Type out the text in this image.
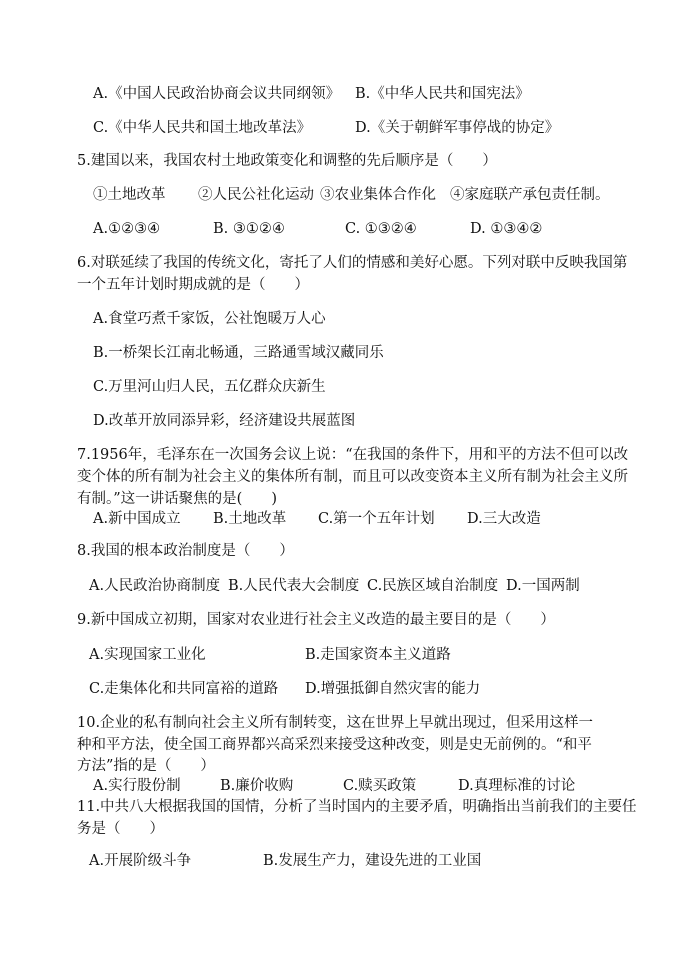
A.《中国人民政治协商会议共同纲领》 B.《中华人民共和国宪法》
C.《中华人民共和国土地改革法》	D.《关于朝鲜军事停战的协定》
5.建国以来，我国农村土地政策变化和调整的先后顺序是（　　）
①土地改革 ②人民公社化运动 ③农业集体合作化 ④家庭联产承包责任制。
A.①②③④	B. ③①②④	C. ①③②④	D. ①③④②
6.对联延续了我国的传统文化，寄托了人们的情感和美好心愿。下列对联中反映我国第
一个五年计划时期成就的是（　　）
A.食堂巧煮千家饭，公社饱暖万人心
B.一桥架长江南北畅通，三路通雪域汉藏同乐
C.万里河山归人民，五亿群众庆新生
D.改革开放同添异彩，经济建设共展蓝图
7.1956年，毛泽东在一次国务会议上说：“在我国的条件下，用和平的方法不但可以改
变个体的所有制为社会主义的集体所有制，而且可以改变资本主义所有制为社会主义所
有制。”这一讲话聚焦的是(　　)
A.新中国成立 B.土地改革 C.第一个五年计划 D.三大改造
8.我国的根本政治制度是（　　）
A.人民政治协商制度 B.人民代表大会制度 C.民族区域自治制度 D.一国两制
9.新中国成立初期，国家对农业进行社会主义改造的最主要目的是（　　）
A.实现国家工业化	B.走国家资本主义道路
C.走集体化和共同富裕的道路 D.增强抵御自然灾害的能力
10.企业的私有制向社会主义所有制转变，这在世界上早就出现过，但采用这样一
种和平方法，使全国工商界都兴高采烈来接受这种改变，则是史无前例的。“和平
方法”指的是（　　）
A.实行股份制	B.廉价收购	C.赎买政策	D.真理标准的讨论
11.中共八大根据我国的国情，分析了当时国内的主要矛盾，明确指出当前我们的主要任
务是（　　）
A.开展阶级斗争	B.发展生产力，建设先进的工业国
